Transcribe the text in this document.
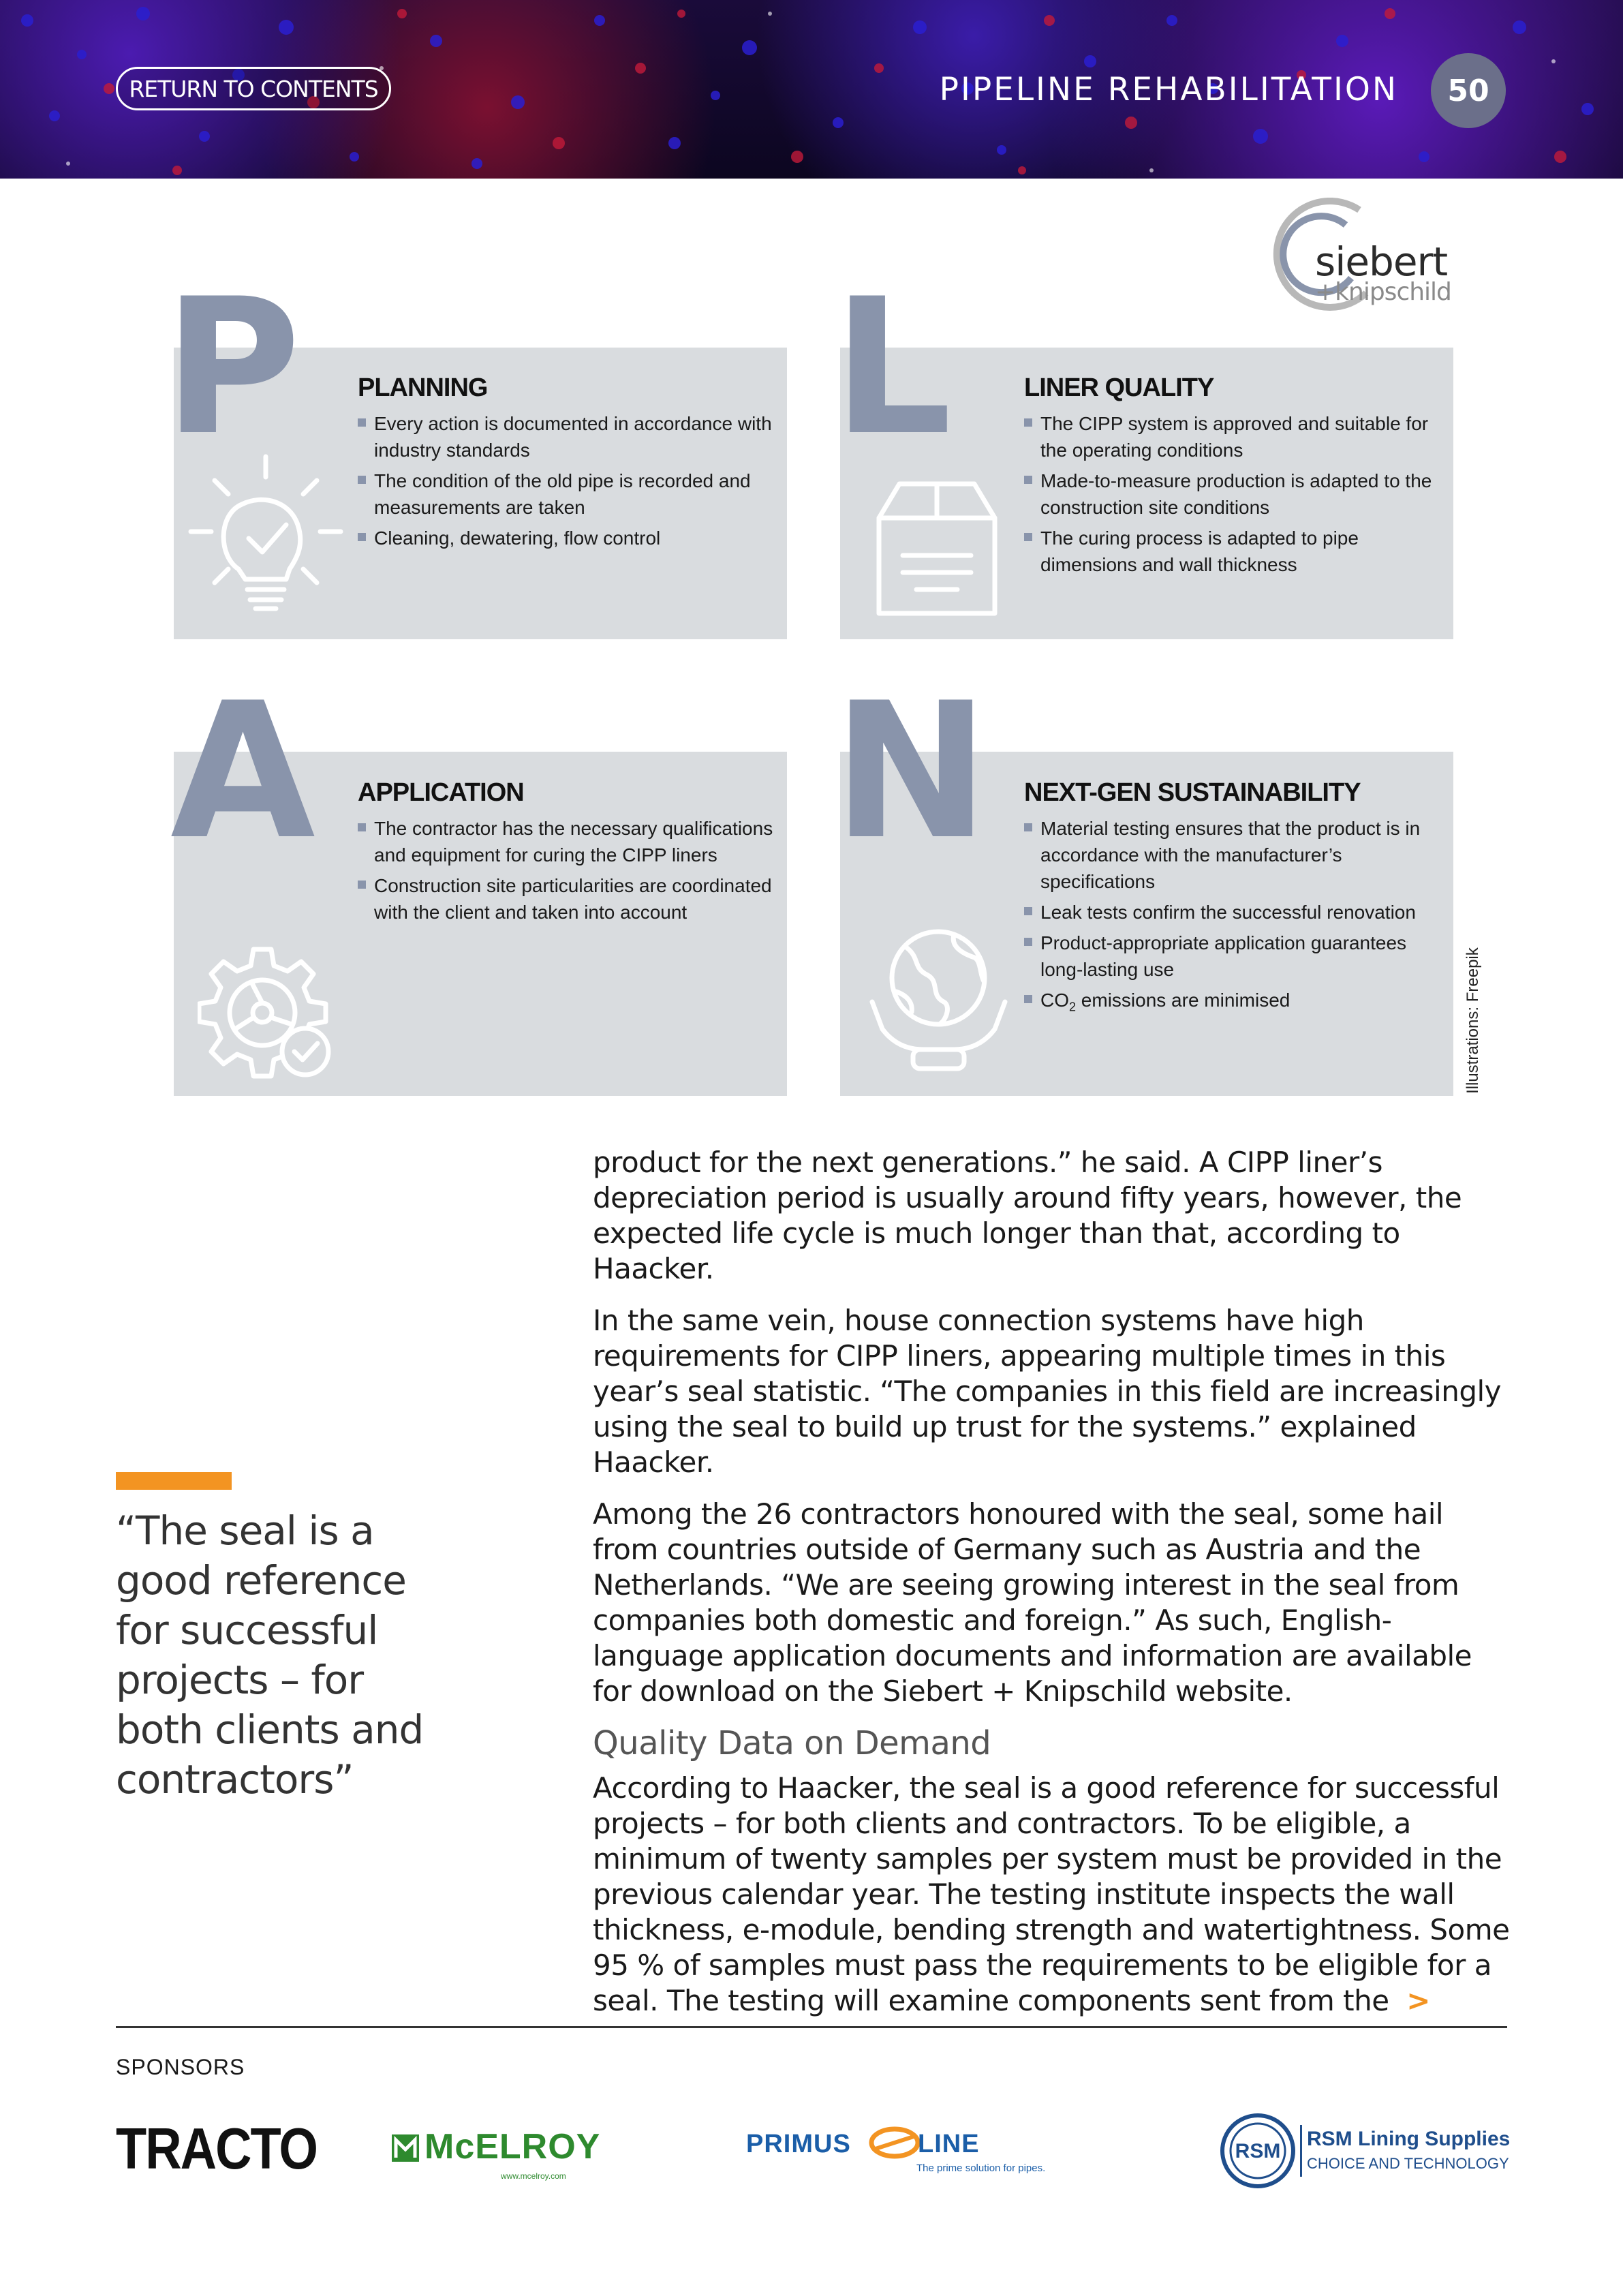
RETURN TO CONTENTS	PIPELINE REHABILITATION	50
siebert
+knipschild
P PLANNING
Every action is documented in accordance with industry standards
The condition of the old pipe is recorded and measurements are taken
Cleaning, dewatering, flow control
L	LINER QUALITY
The CIPP system is approved and suitable for the operating conditions
Made-to-measure production is adapted to the construction site conditions
The curing process is adapted to pipe dimensions and wall thickness
A APPLICATION
The contractor has the necessary qualifications and equipment for curing the CIPP liners
Construction site particularities are coordinated with the client and taken into account
N NEXT-GEN SUSTAINABILITY
Material testing ensures that the product is in accordance with the manufacturer’s specifications
Leak tests confirm the successful renovation
Product-appropriate application guarantees long-lasting use
$CO_2$ emissions are minimised	Illustrations: Freepik
“The seal is a good reference for successful projects – for both clients and contractors”

product for the next generations.” he said. A CIPP liner’s depreciation period is usually around fifty years, however, the expected life cycle is much longer than that, according to Haacker.

In the same vein, house connection systems have high requirements for CIPP liners, appearing multiple times in this year’s seal statistic. “The companies in this field are increasingly using the seal to build up trust for the systems.” explained Haacker.

Among the 26 contractors honoured with the seal, some hail from countries outside of Germany such as Austria and the Netherlands. “We are seeing growing interest in the seal from companies both domestic and foreign.” As such, English-language application documents and information are available for download on the Siebert + Knipschild website.

Quality Data on Demand

According to Haacker, the seal is a good reference for successful projects – for both clients and contractors. To be eligible, a minimum of twenty samples per system must be provided in the previous calendar year. The testing institute inspects the wall thickness, e-module, bending strength and watertightness. Some 95 % of samples must pass the requirements to be eligible for a seal. The testing will examine components sent from the >

SPONSORS
TRACTO	McELROY
www.mcelroy.com
PRIMUS	LINE
The prime solution for pipes.
RSM
RSM Lining Supplies
CHOICE AND TECHNOLOGY
